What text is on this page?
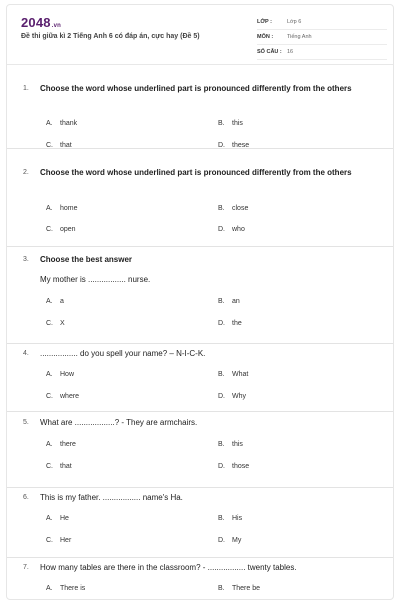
2048.vn
Đề thi giữa kì 2 Tiếng Anh 6 có đáp án, cực hay (Đề 5)
LỚP :	Lớp 6
MÔN :	Tiếng Anh
SỐ CÂU : 16
1. Choose the word whose underlined part is pronounced differently from the others
A.	thank	B.	this
C.	that	D.	these
2. Choose the word whose underlined part is pronounced differently from the others
A.	home	B.	close
C.	open	D.	who
3. Choose the best answer
My mother is ................. nurse.
A.	a	B.	an
C.	X	D.	the
4. ................. do you spell your name? – N-I-C-K.
A.	How	B.	What
C.	where	D.	Why
5. What are ..................? - They are armchairs.
A.	there	B.	this
C.	that	D.	those
6. This is my father. ................. name's Ha.
A.	He	B.	His
C.	Her	D.	My
7. How many tables are there in the classroom? - ................. twenty tables.
A.	There is	B.	There be
